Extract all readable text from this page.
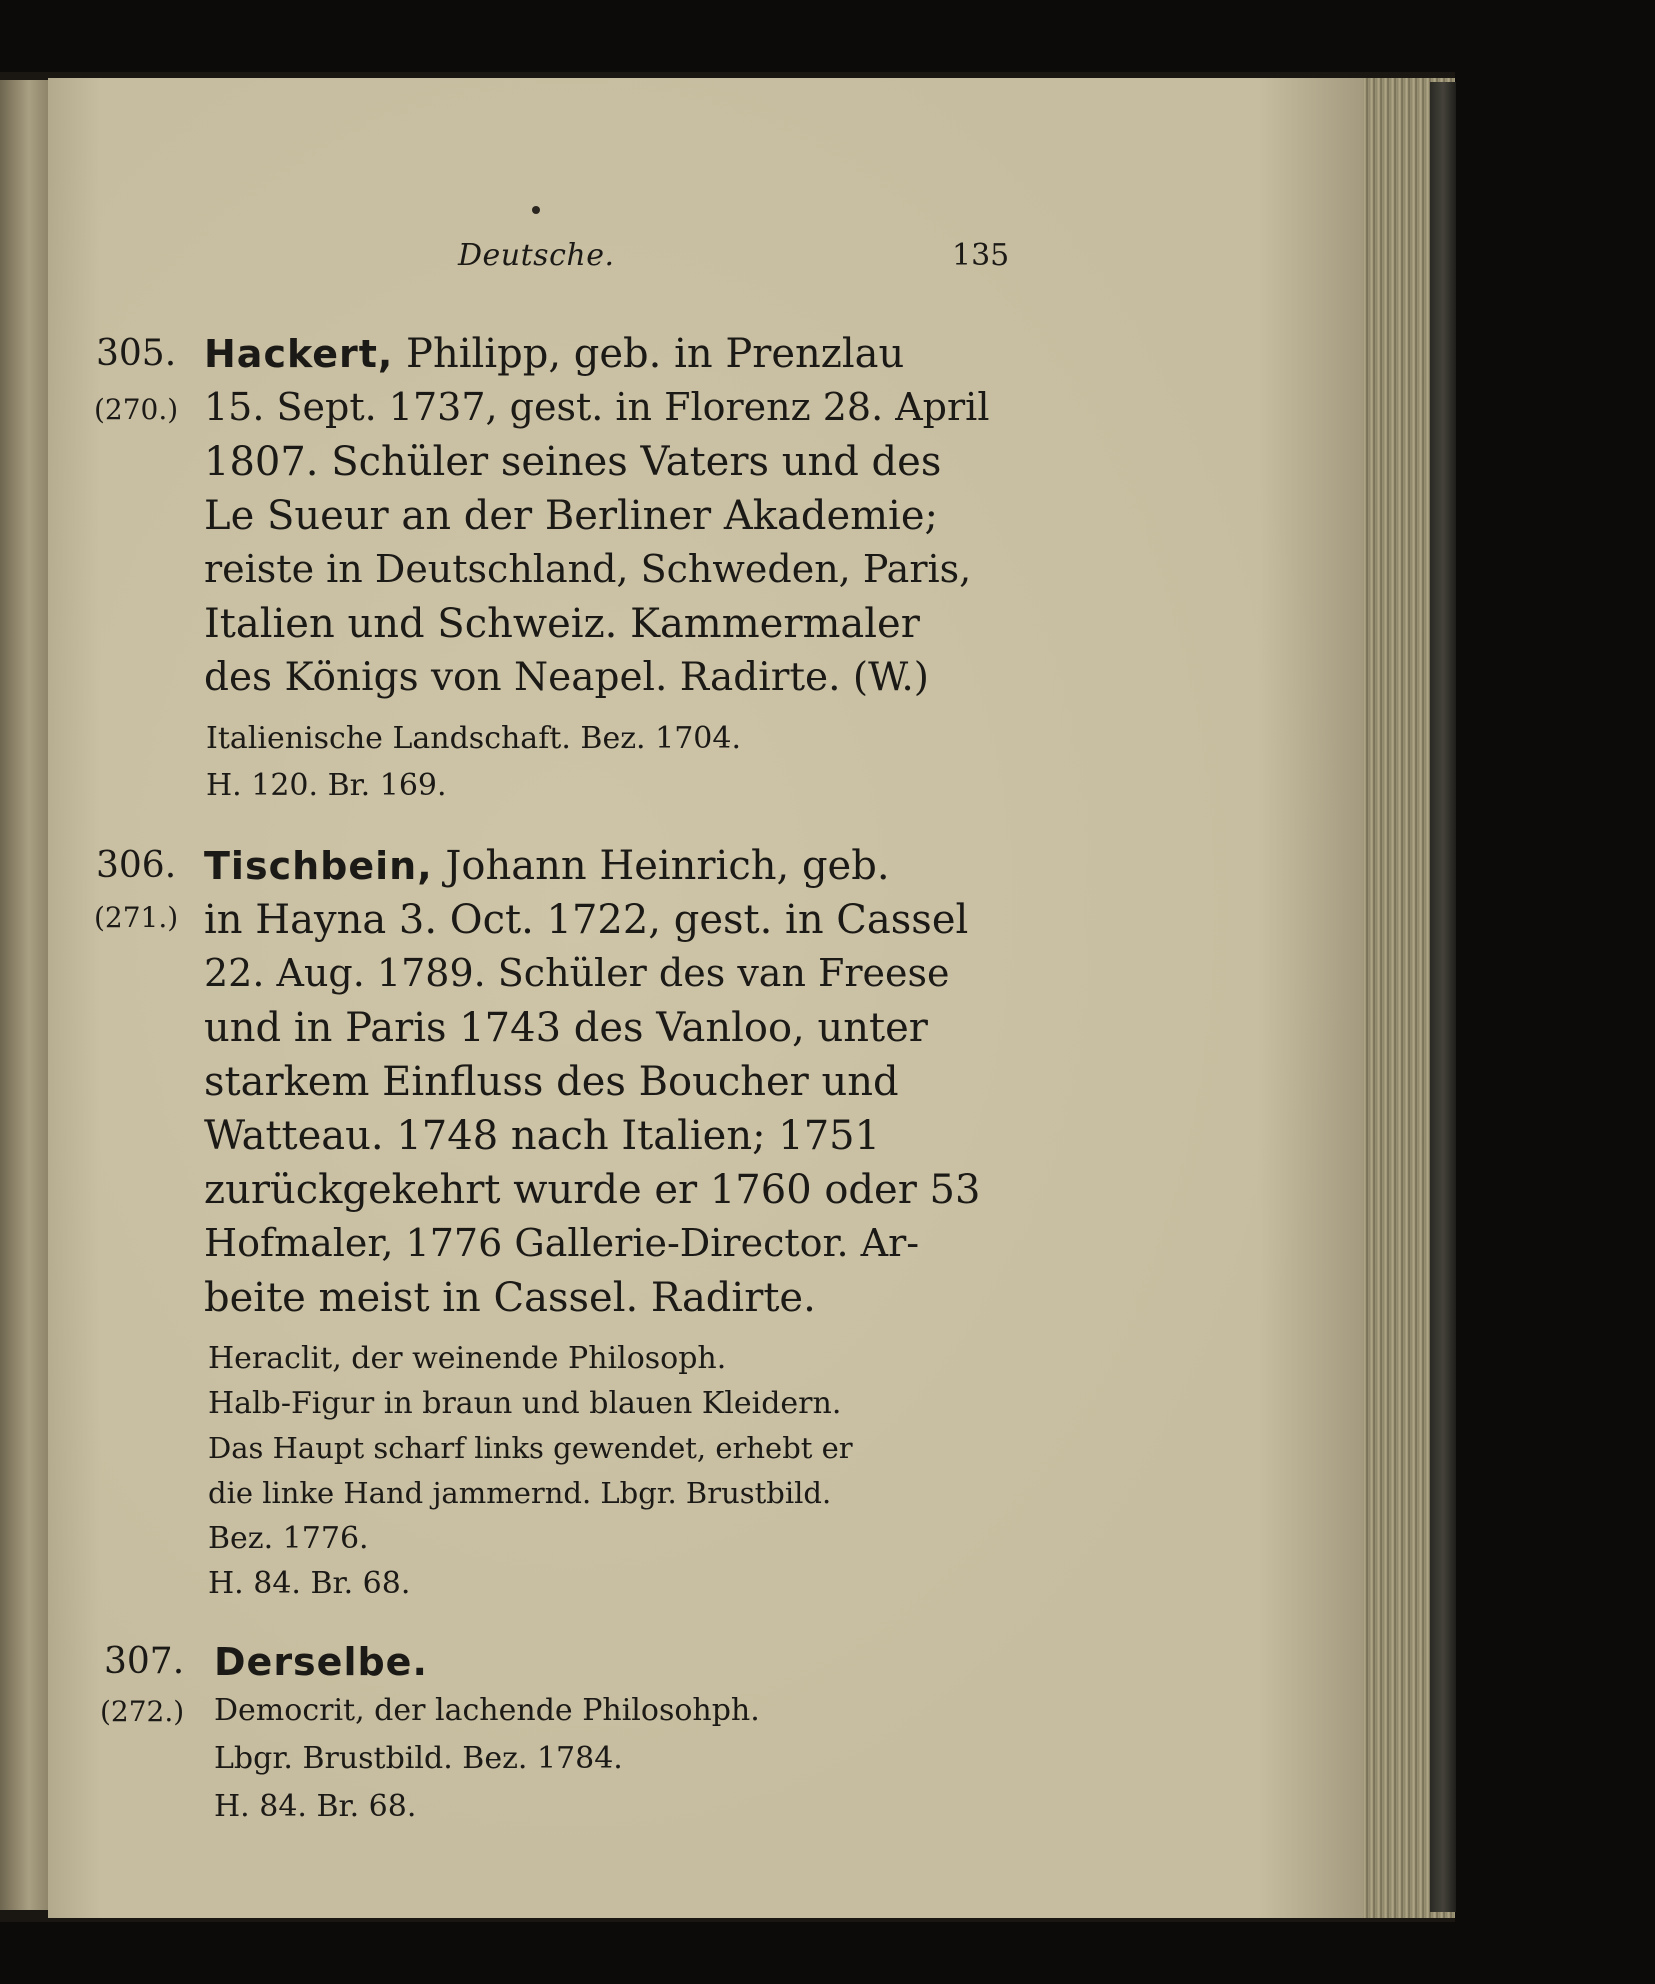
Deutsche.	135
305.
(270.)
Hackert, Philipp, geb. in Prenzlau
15. Sept. 1737, gest. in Florenz 28. April
1807. Schüler seines Vaters und des
Le Sueur an der Berliner Akademie;
reiste in Deutschland, Schweden, Paris,
Italien und Schweiz. Kammermaler
des Königs von Neapel. Radirte. (W.)
Italienische Landschaft. Bez. 1704.
H. 120. Br. 169.
306.
(271.)
Tischbein, Johann Heinrich, geb.
in Hayna 3. Oct. 1722, gest. in Cassel
22. Aug. 1789. Schüler des van Freese
und in Paris 1743 des Vanloo, unter
starkem Einfluss des Boucher und
Watteau. 1748 nach Italien; 1751
zurückgekehrt wurde er 1760 oder 53
Hofmaler, 1776 Gallerie-Director. Ar-
beite meist in Cassel. Radirte.
Heraclit, der weinende Philosoph.
Halb-Figur in braun und blauen Kleidern.
Das Haupt scharf links gewendet, erhebt er
die linke Hand jammernd. Lbgr. Brustbild.
Bez. 1776.
H. 84. Br. 68.
307.
(272.)
Derselbe.
Democrit, der lachende Philosohph.
Lbgr. Brustbild. Bez. 1784.
H. 84. Br. 68.
